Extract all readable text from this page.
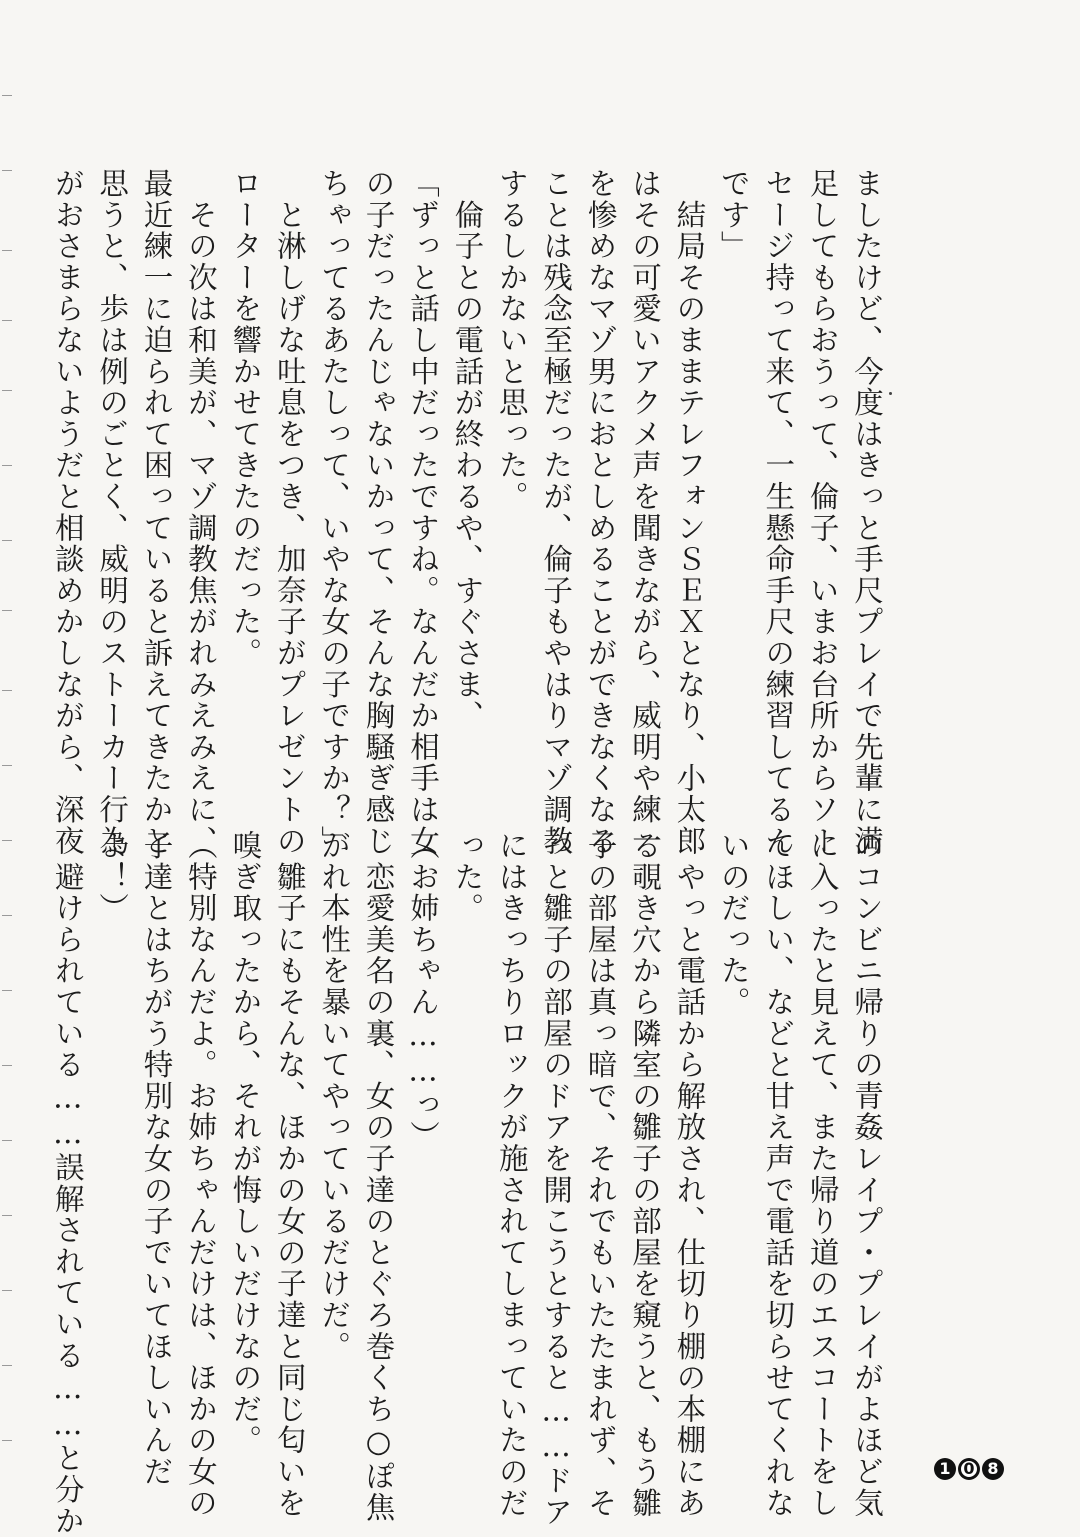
ましたけど、今度はきっと手尺プレイで先輩に満
足してもらおうって、倫子、いまお台所からソー
セージ持って来て、一生懸命手尺の練習してるん
です」
　結局そのままテレフォンＳＥＸとなり、小太郎
はその可愛いアクメ声を聞きながら、威明や練一
を惨めなマゾ男におとしめることができなくなる
ことは残念至極だったが、倫子もやはりマゾ調教
するしかないと思った。
　倫子との電話が終わるや、すぐさま、
「ずっと話し中だったですね。なんだか相手は女
の子だったんじゃないかって、そんな胸騒ぎ感じ
ちゃってるあたしって、いやな女の子ですか？」
　と淋しげな吐息をつき、加奈子がプレゼントの
ローターを響かせてきたのだった。
　その次は和美が、マゾ調教焦がれみえみえに、
最近練一に迫られて困っていると訴えてきたかと
思うと、歩は例のごとく、威明のストーカー行為
がおさまらないようだと相談めかしながら、深夜
のコンビニ帰りの青姦レイプ・プレイがよほど気
に入ったと見えて、また帰り道のエスコートをし
てほしい、などと甘え声で電話を切らせてくれな
いのだった。
　やっと電話から解放され、仕切り棚の本棚にあ
る覗き穴から隣室の雛子の部屋を窺うと、もう雛
子の部屋は真っ暗で、それでもいたたまれず、そ
っと雛子の部屋のドアを開こうとすると……ドア
にはきっちりロックが施されてしまっていたのだ
った。
（お姉ちゃん……っ）
　恋愛美名の裏、女の子達のとぐろ巻くち○ぽ焦
がれ本性を暴いてやっているだけだ。
　雛子にもそんな、ほかの女の子達と同じ匂いを
嗅ぎ取ったから、それが悔しいだけなのだ。
（特別なんだよ。お姉ちゃんだけは、ほかの女の
子達とはちがう特別な女の子でいてほしいんだ
よ！）
　避けられている……誤解されている……と分か	1 0 8
